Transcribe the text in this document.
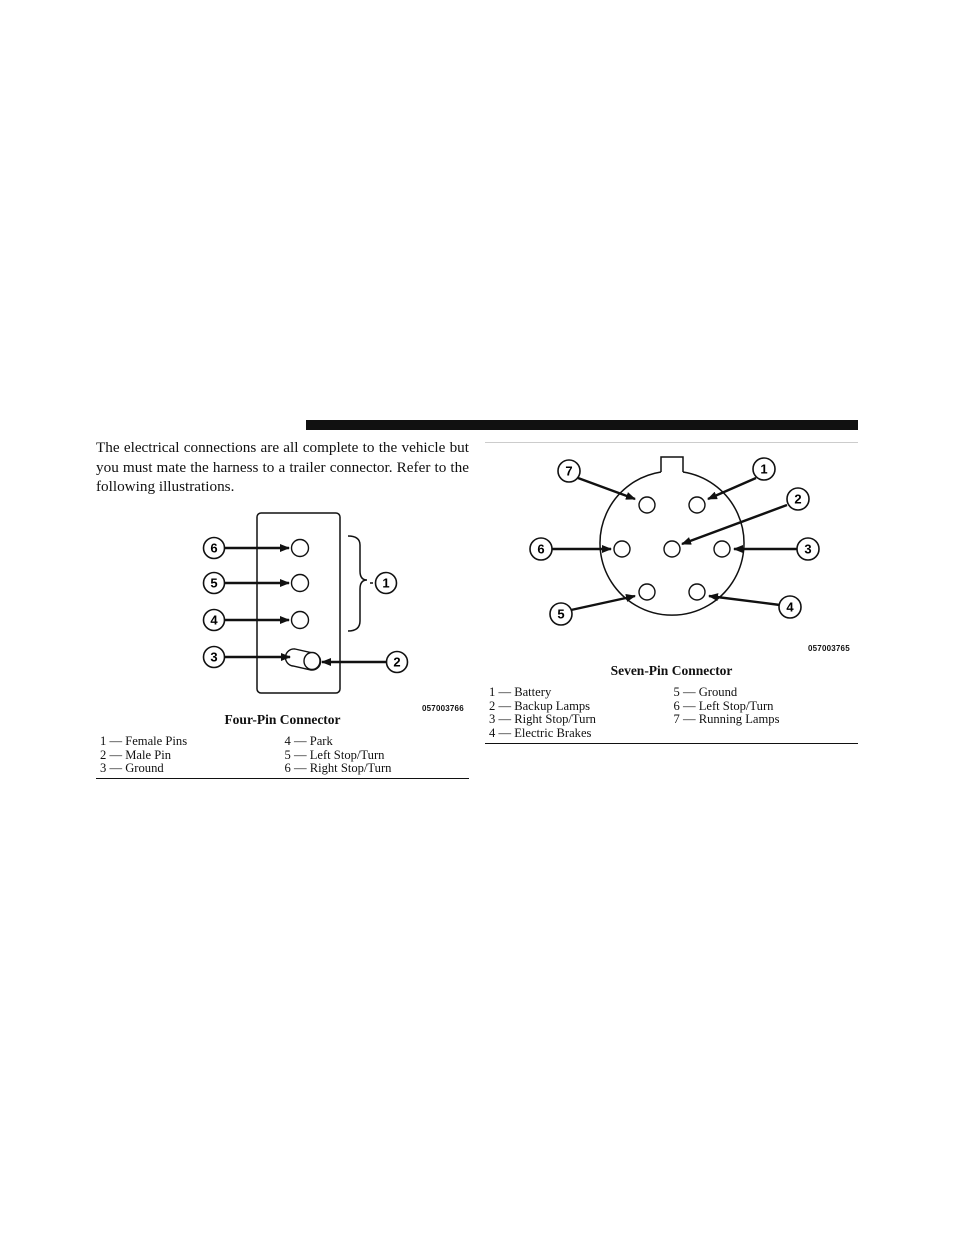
The electrical connections are all complete to the vehicle but you must mate the harness to a trailer connector. Refer to the following illustrations.

6
5
4
3
1
2
057003766
Four-Pin Connector
1 — Female Pins	4 — Park
2 — Male Pin	5 — Left Stop/Turn
3 — Ground	6 — Right Stop/Turn
7	1
2
6	3
5	4
057003765
Seven-Pin Connector
1 — Battery	5 — Ground
2 — Backup Lamps	6 — Left Stop/Turn
3 — Right Stop/Turn	7 — Running Lamps
4 — Electric Brakes
